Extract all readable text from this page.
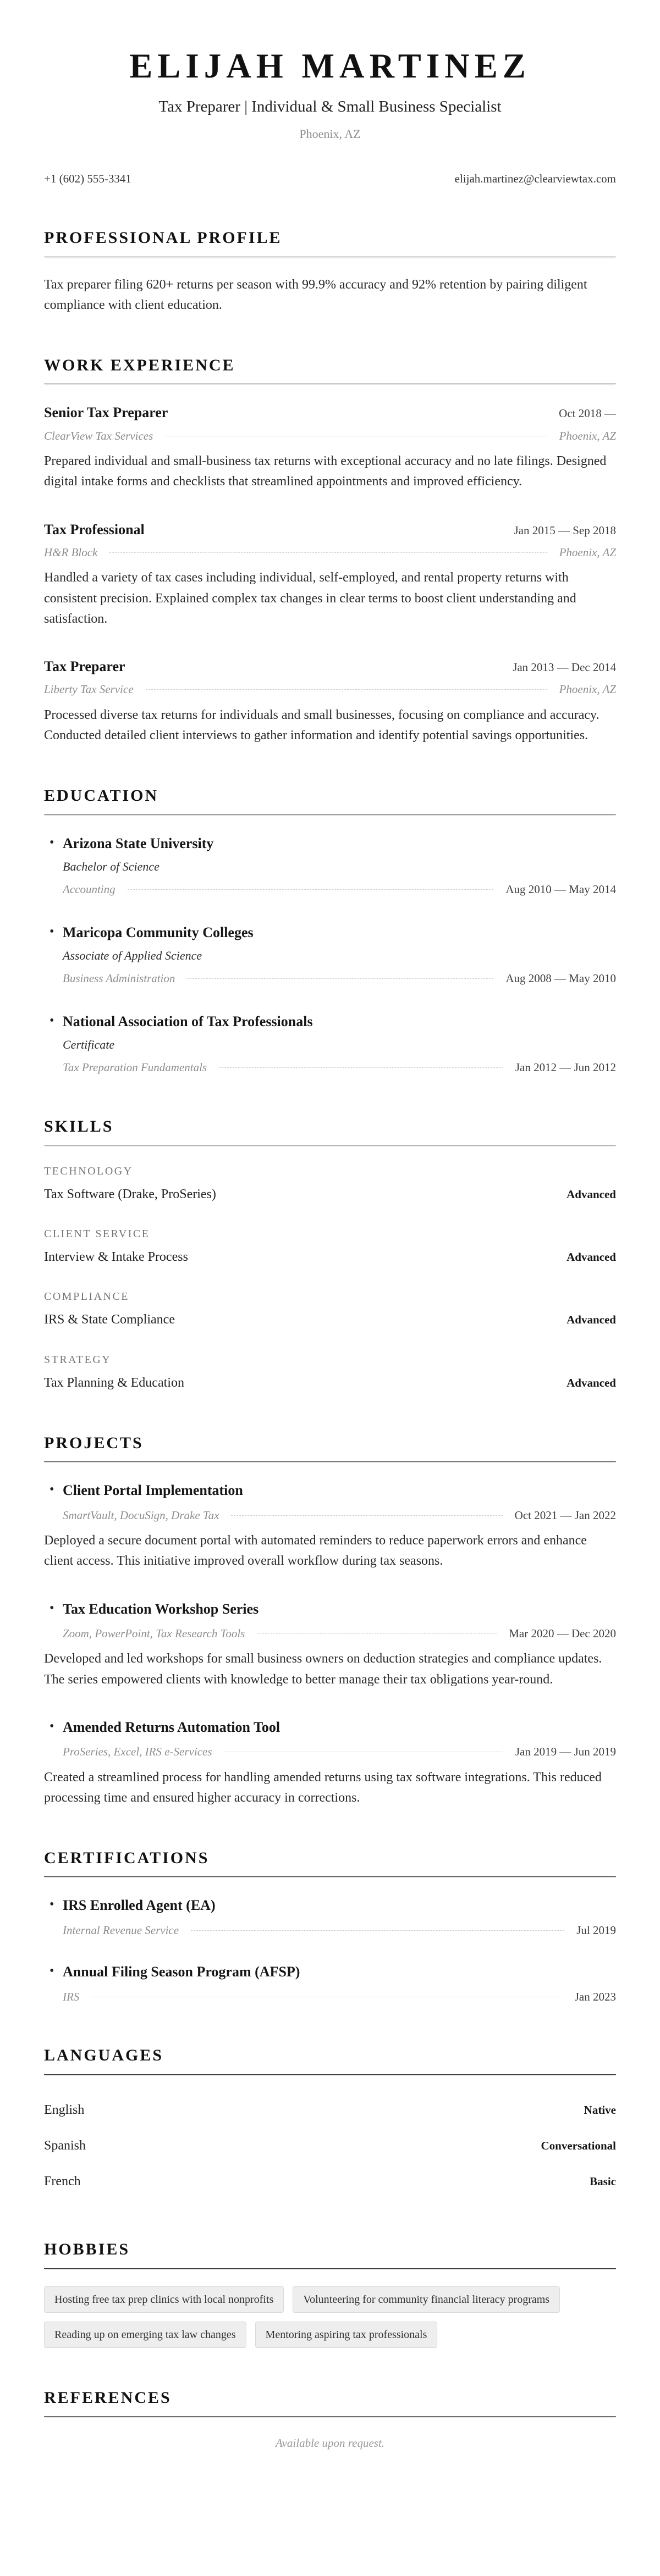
ELIJAH MARTINEZ
Tax Preparer | Individual & Small Business Specialist
Phoenix, AZ
+1 (602) 555-3341	elijah.martinez@clearviewtax.com
PROFESSIONAL PROFILE

Tax preparer filing 620+ returns per season with 99.9% accuracy and 92% retention by pairing diligent compliance with client education.

WORK EXPERIENCE
Senior Tax Preparer	Oct 2018 —
ClearView Tax Services	Phoenix, AZ

Prepared individual and small-business tax returns with exceptional accuracy and no late filings. Designed digital intake forms and checklists that streamlined appointments and improved efficiency.

Tax Professional	Jan 2015 — Sep 2018
H&R Block	Phoenix, AZ

Handled a variety of tax cases including individual, self-employed, and rental property returns with consistent precision. Explained complex tax changes in clear terms to boost client understanding and satisfaction.

Tax Preparer	Jan 2013 — Dec 2014
Liberty Tax Service	Phoenix, AZ

Processed diverse tax returns for individuals and small businesses, focusing on compliance and accuracy. Conducted detailed client interviews to gather information and identify potential savings opportunities.

EDUCATION
• Arizona State University
Bachelor of Science
Accounting	Aug 2010 — May 2014
• Maricopa Community Colleges
Associate of Applied Science
Business Administration	Aug 2008 — May 2010
• National Association of Tax Professionals
Certificate
Tax Preparation Fundamentals	Jan 2012 — Jun 2012
SKILLS
TECHNOLOGY
Tax Software (Drake, ProSeries)	Advanced
CLIENT SERVICE
Interview & Intake Process	Advanced
COMPLIANCE
IRS & State Compliance	Advanced
STRATEGY
Tax Planning & Education	Advanced
PROJECTS
• Client Portal Implementation
SmartVault, DocuSign, Drake Tax	Oct 2021 — Jan 2022

Deployed a secure document portal with automated reminders to reduce paperwork errors and enhance client access. This initiative improved overall workflow during tax seasons.

• Tax Education Workshop Series
Zoom, PowerPoint, Tax Research Tools	Mar 2020 — Dec 2020

Developed and led workshops for small business owners on deduction strategies and compliance updates. The series empowered clients with knowledge to better manage their tax obligations year-round.

• Amended Returns Automation Tool
ProSeries, Excel, IRS e-Services	Jan 2019 — Jun 2019

Created a streamlined process for handling amended returns using tax software integrations. This reduced processing time and ensured higher accuracy in corrections.

CERTIFICATIONS
• IRS Enrolled Agent (EA)
Internal Revenue Service	Jul 2019
• Annual Filing Season Program (AFSP)
IRS	Jan 2023
LANGUAGES
English	Native
Spanish	Conversational
French	Basic
HOBBIES
Hosting free tax prep clinics with local nonprofits	Volunteering for community financial literacy programs
Reading up on emerging tax law changes	Mentoring aspiring tax professionals
REFERENCES

Available upon request.
